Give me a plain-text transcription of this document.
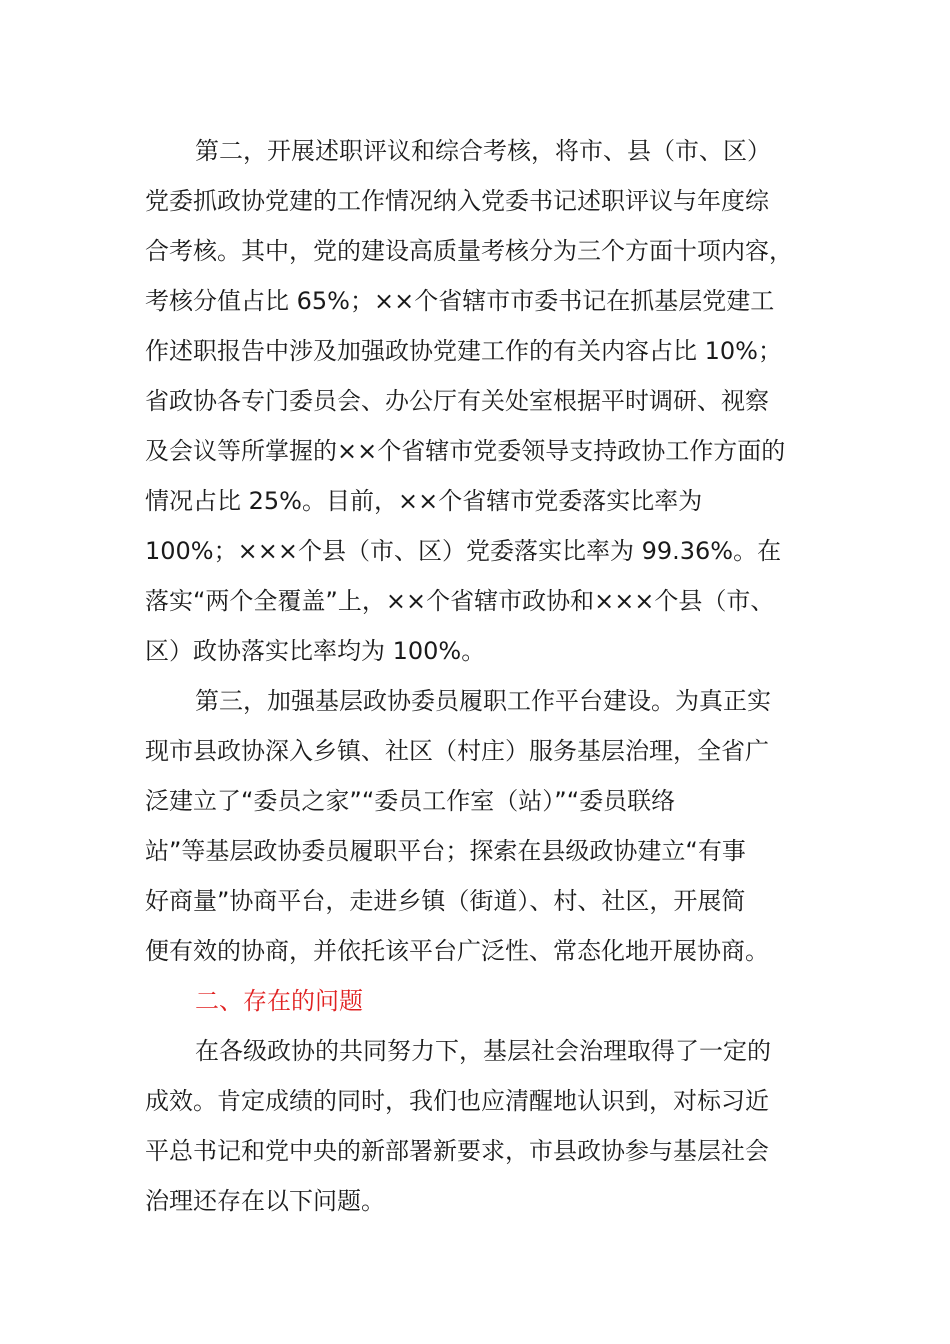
第二，开展述职评议和综合考核，将市、县（市、区）
党委抓政协党建的工作情况纳入党委书记述职评议与年度综
合考核。其中，党的建设高质量考核分为三个方面十项内容，
考核分值占比 65%；××个省辖市市委书记在抓基层党建工
作述职报告中涉及加强政协党建工作的有关内容占比 10%；
省政协各专门委员会、办公厅有关处室根据平时调研、视察
及会议等所掌握的××个省辖市党委领导支持政协工作方面的
情况占比 25%。目前，××个省辖市党委落实比率为
100%；×××个县（市、区）党委落实比率为 99.36%。在
落实“两个全覆盖”上，××个省辖市政协和×××个县（市、
区）政协落实比率均为 100%。
第三，加强基层政协委员履职工作平台建设。为真正实
现市县政协深入乡镇、社区（村庄）服务基层治理，全省广
泛建立了“委员之家”“委员工作室（站）”“委员联络
站”等基层政协委员履职平台；探索在县级政协建立“有事
好商量”协商平台，走进乡镇（街道）、村、社区，开展简
便有效的协商，并依托该平台广泛性、常态化地开展协商。
二、存在的问题
在各级政协的共同努力下，基层社会治理取得了一定的
成效。肯定成绩的同时，我们也应清醒地认识到，对标习近
平总书记和党中央的新部署新要求，市县政协参与基层社会
治理还存在以下问题。
